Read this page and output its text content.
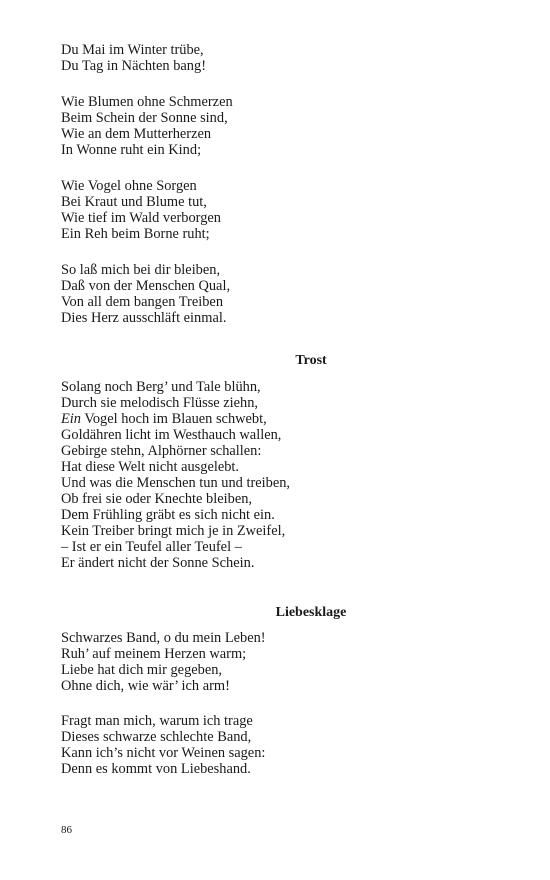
Du Mai im Winter trübe,
Du Tag in Nächten bang!
Wie Blumen ohne Schmerzen
Beim Schein der Sonne sind,
Wie an dem Mutterherzen
In Wonne ruht ein Kind;
Wie Vogel ohne Sorgen
Bei Kraut und Blume tut,
Wie tief im Wald verborgen
Ein Reh beim Borne ruht;
So laß mich bei dir bleiben,
Daß von der Menschen Qual,
Von all dem bangen Treiben
Dies Herz ausschläft einmal.
Trost
Solang noch Berg’ und Tale blühn,
Durch sie melodisch Flüsse ziehn,
Ein Vogel hoch im Blauen schwebt,
Goldähren licht im Westhauch wallen,
Gebirge stehn, Alphörner schallen:
Hat diese Welt nicht ausgelebt.
Und was die Menschen tun und treiben,
Ob frei sie oder Knechte bleiben,
Dem Frühling gräbt es sich nicht ein.
Kein Treiber bringt mich je in Zweifel,
– Ist er ein Teufel aller Teufel –
Er ändert nicht der Sonne Schein.
Liebesklage
Schwarzes Band, o du mein Leben!
Ruh’ auf meinem Herzen warm;
Liebe hat dich mir gegeben,
Ohne dich, wie wär’ ich arm!
Fragt man mich, warum ich trage
Dieses schwarze schlechte Band,
Kann ich’s nicht vor Weinen sagen:
Denn es kommt von Liebeshand.
86
